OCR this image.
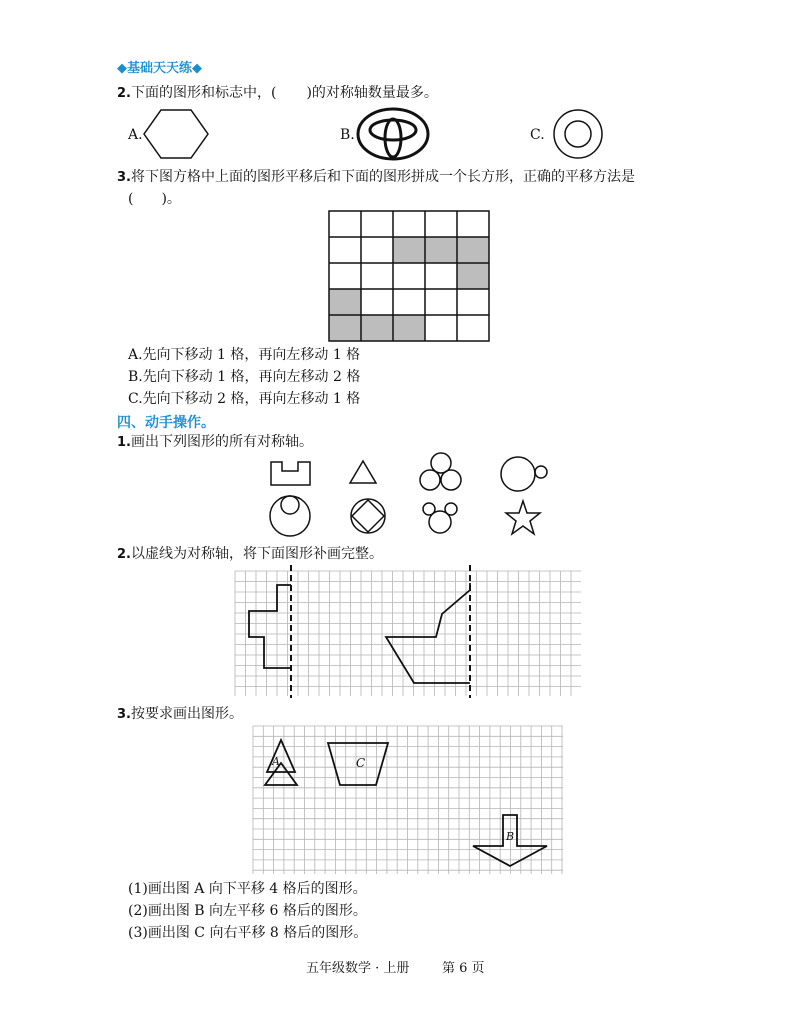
◆基础天天练◆
2.下面的图形和标志中，( )的对称轴数量最多。
A.	B.	C.
3.将下图方格中上面的图形平移后和下面的图形拼成一个长方形，正确的平移方法是
(　　)。
A.先向下移动 1 格，再向左移动 1 格
B.先向下移动 1 格，再向左移动 2 格
C.先向下移动 2 格，再向左移动 1 格
四、动手操作。
1.画出下列图形的所有对称轴。
2.以虚线为对称轴，将下面图形补画完整。
3.按要求画出图形。
A	C
B
(1)画出图 A 向下平移 4 格后的图形。
(2)画出图 B 向左平移 6 格后的图形。
(3)画出图 C 向右平移 8 格后的图形。
五年级数学 · 上册	第 6 页
